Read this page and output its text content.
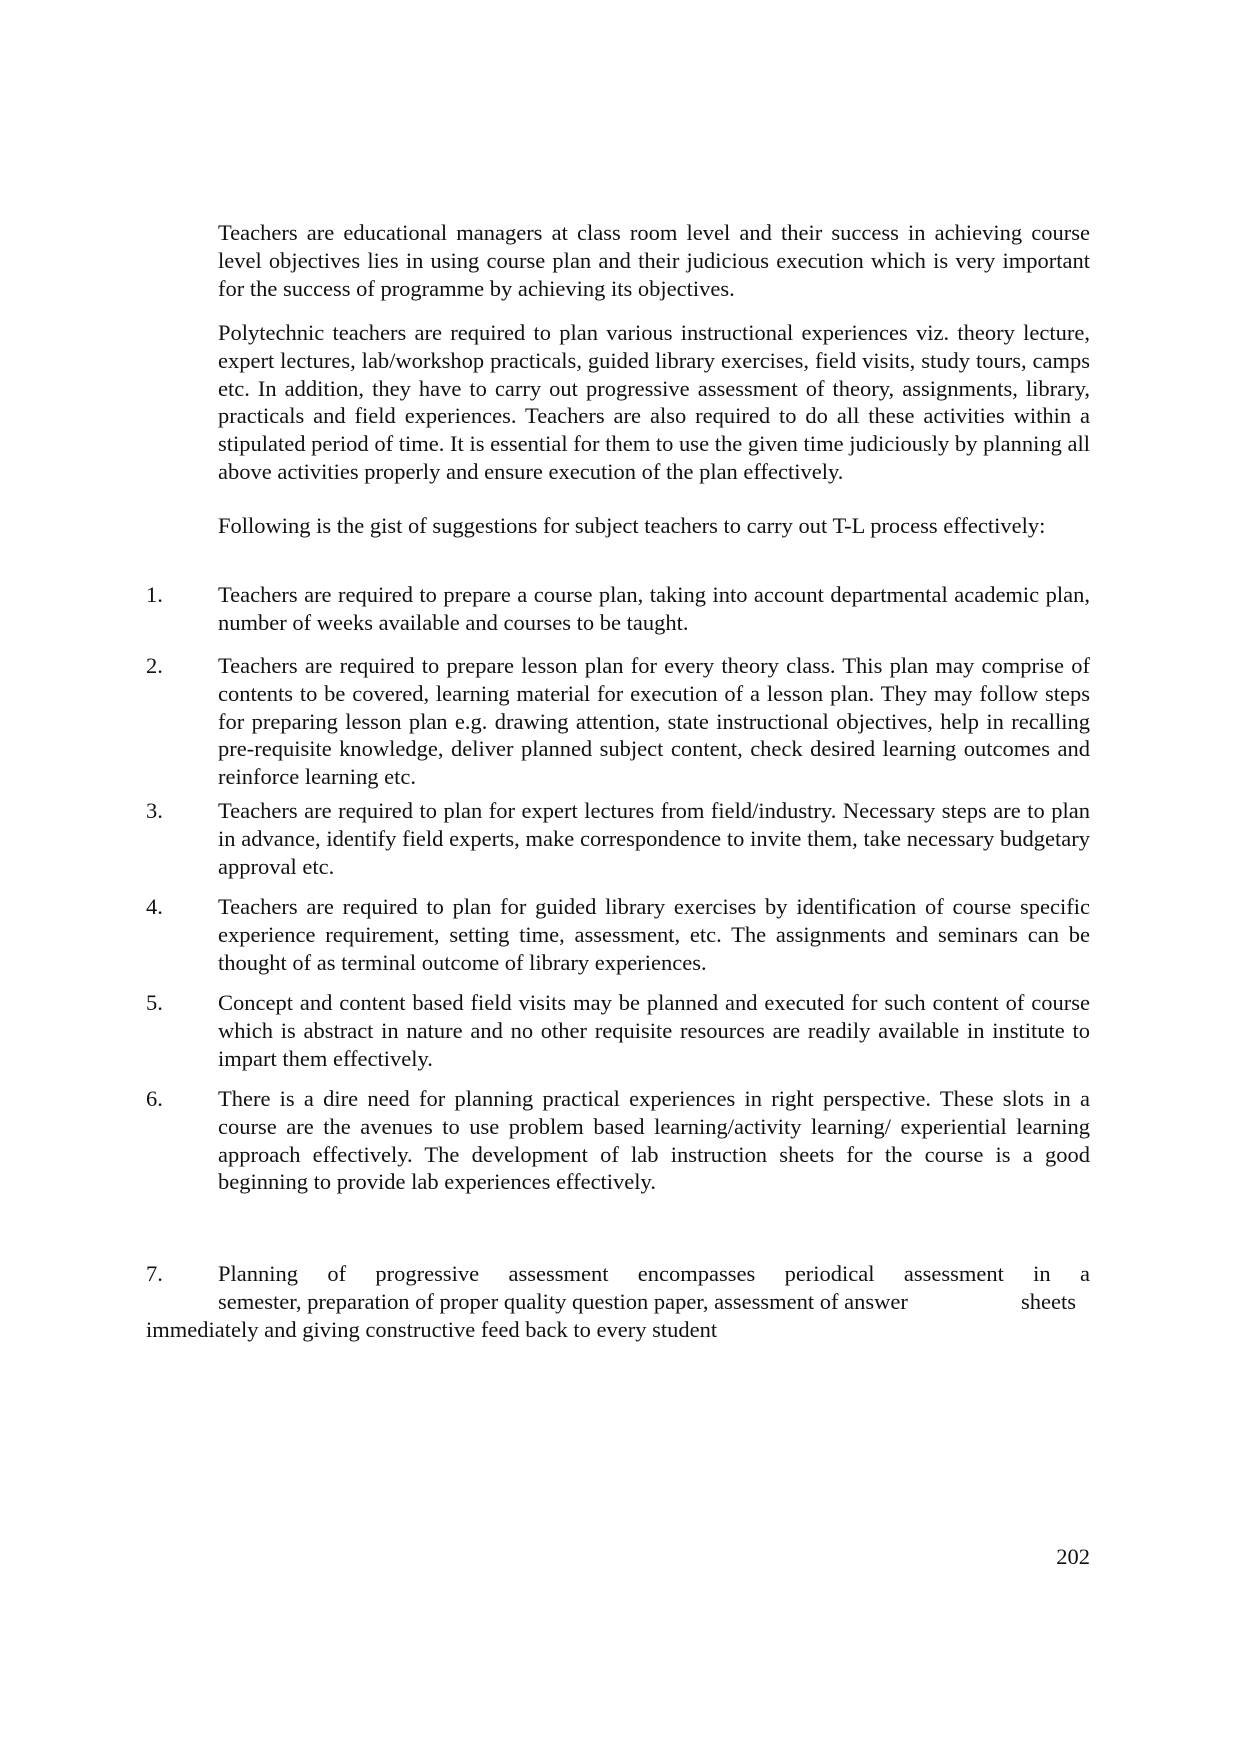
Teachers are educational managers at class room level and their success in achieving course level objectives lies in using course plan and their judicious execution which is very important for the success of programme by achieving its objectives.

Polytechnic teachers are required to plan various instructional experiences viz. theory lecture, expert lectures, lab/workshop practicals, guided library exercises, field visits, study tours, camps etc. In addition, they have to carry out progressive assessment of theory, assignments, library, practicals and field experiences. Teachers are also required to do all these activities within a stipulated period of time. It is essential for them to use the given time judiciously by planning all above activities properly and ensure execution of the plan effectively.

Following is the gist of suggestions for subject teachers to carry out T-L process effectively:

1. Teachers are required to prepare a course plan, taking into account departmental academic plan, number of weeks available and courses to be taught.

2. Teachers are required to prepare lesson plan for every theory class. This plan may comprise of contents to be covered, learning material for execution of a lesson plan. They may follow steps for preparing lesson plan e.g. drawing attention, state instructional objectives, help in recalling pre-requisite knowledge, deliver planned subject content, check desired learning outcomes and reinforce learning etc.

3. Teachers are required to plan for expert lectures from field/industry. Necessary steps are to plan in advance, identify field experts, make correspondence to invite them, take necessary budgetary approval etc.

4. Teachers are required to plan for guided library exercises by identification of course specific experience requirement, setting time, assessment, etc. The assignments and seminars can be thought of as terminal outcome of library experiences.

5. Concept and content based field visits may be planned and executed for such content of course which is abstract in nature and no other requisite resources are readily available in institute to impart them effectively.

6. There is a dire need for planning practical experiences in right perspective. These slots in a course are the avenues to use problem based learning/activity learning/ experiential learning approach effectively. The development of lab instruction sheets for the course is a good beginning to provide lab experiences effectively.

7. Planning of progressive assessment encompasses periodical assessment in a

semester, preparation of proper quality question paper, assessment of answer	sheets
immediately and giving constructive feed back to every student
202
